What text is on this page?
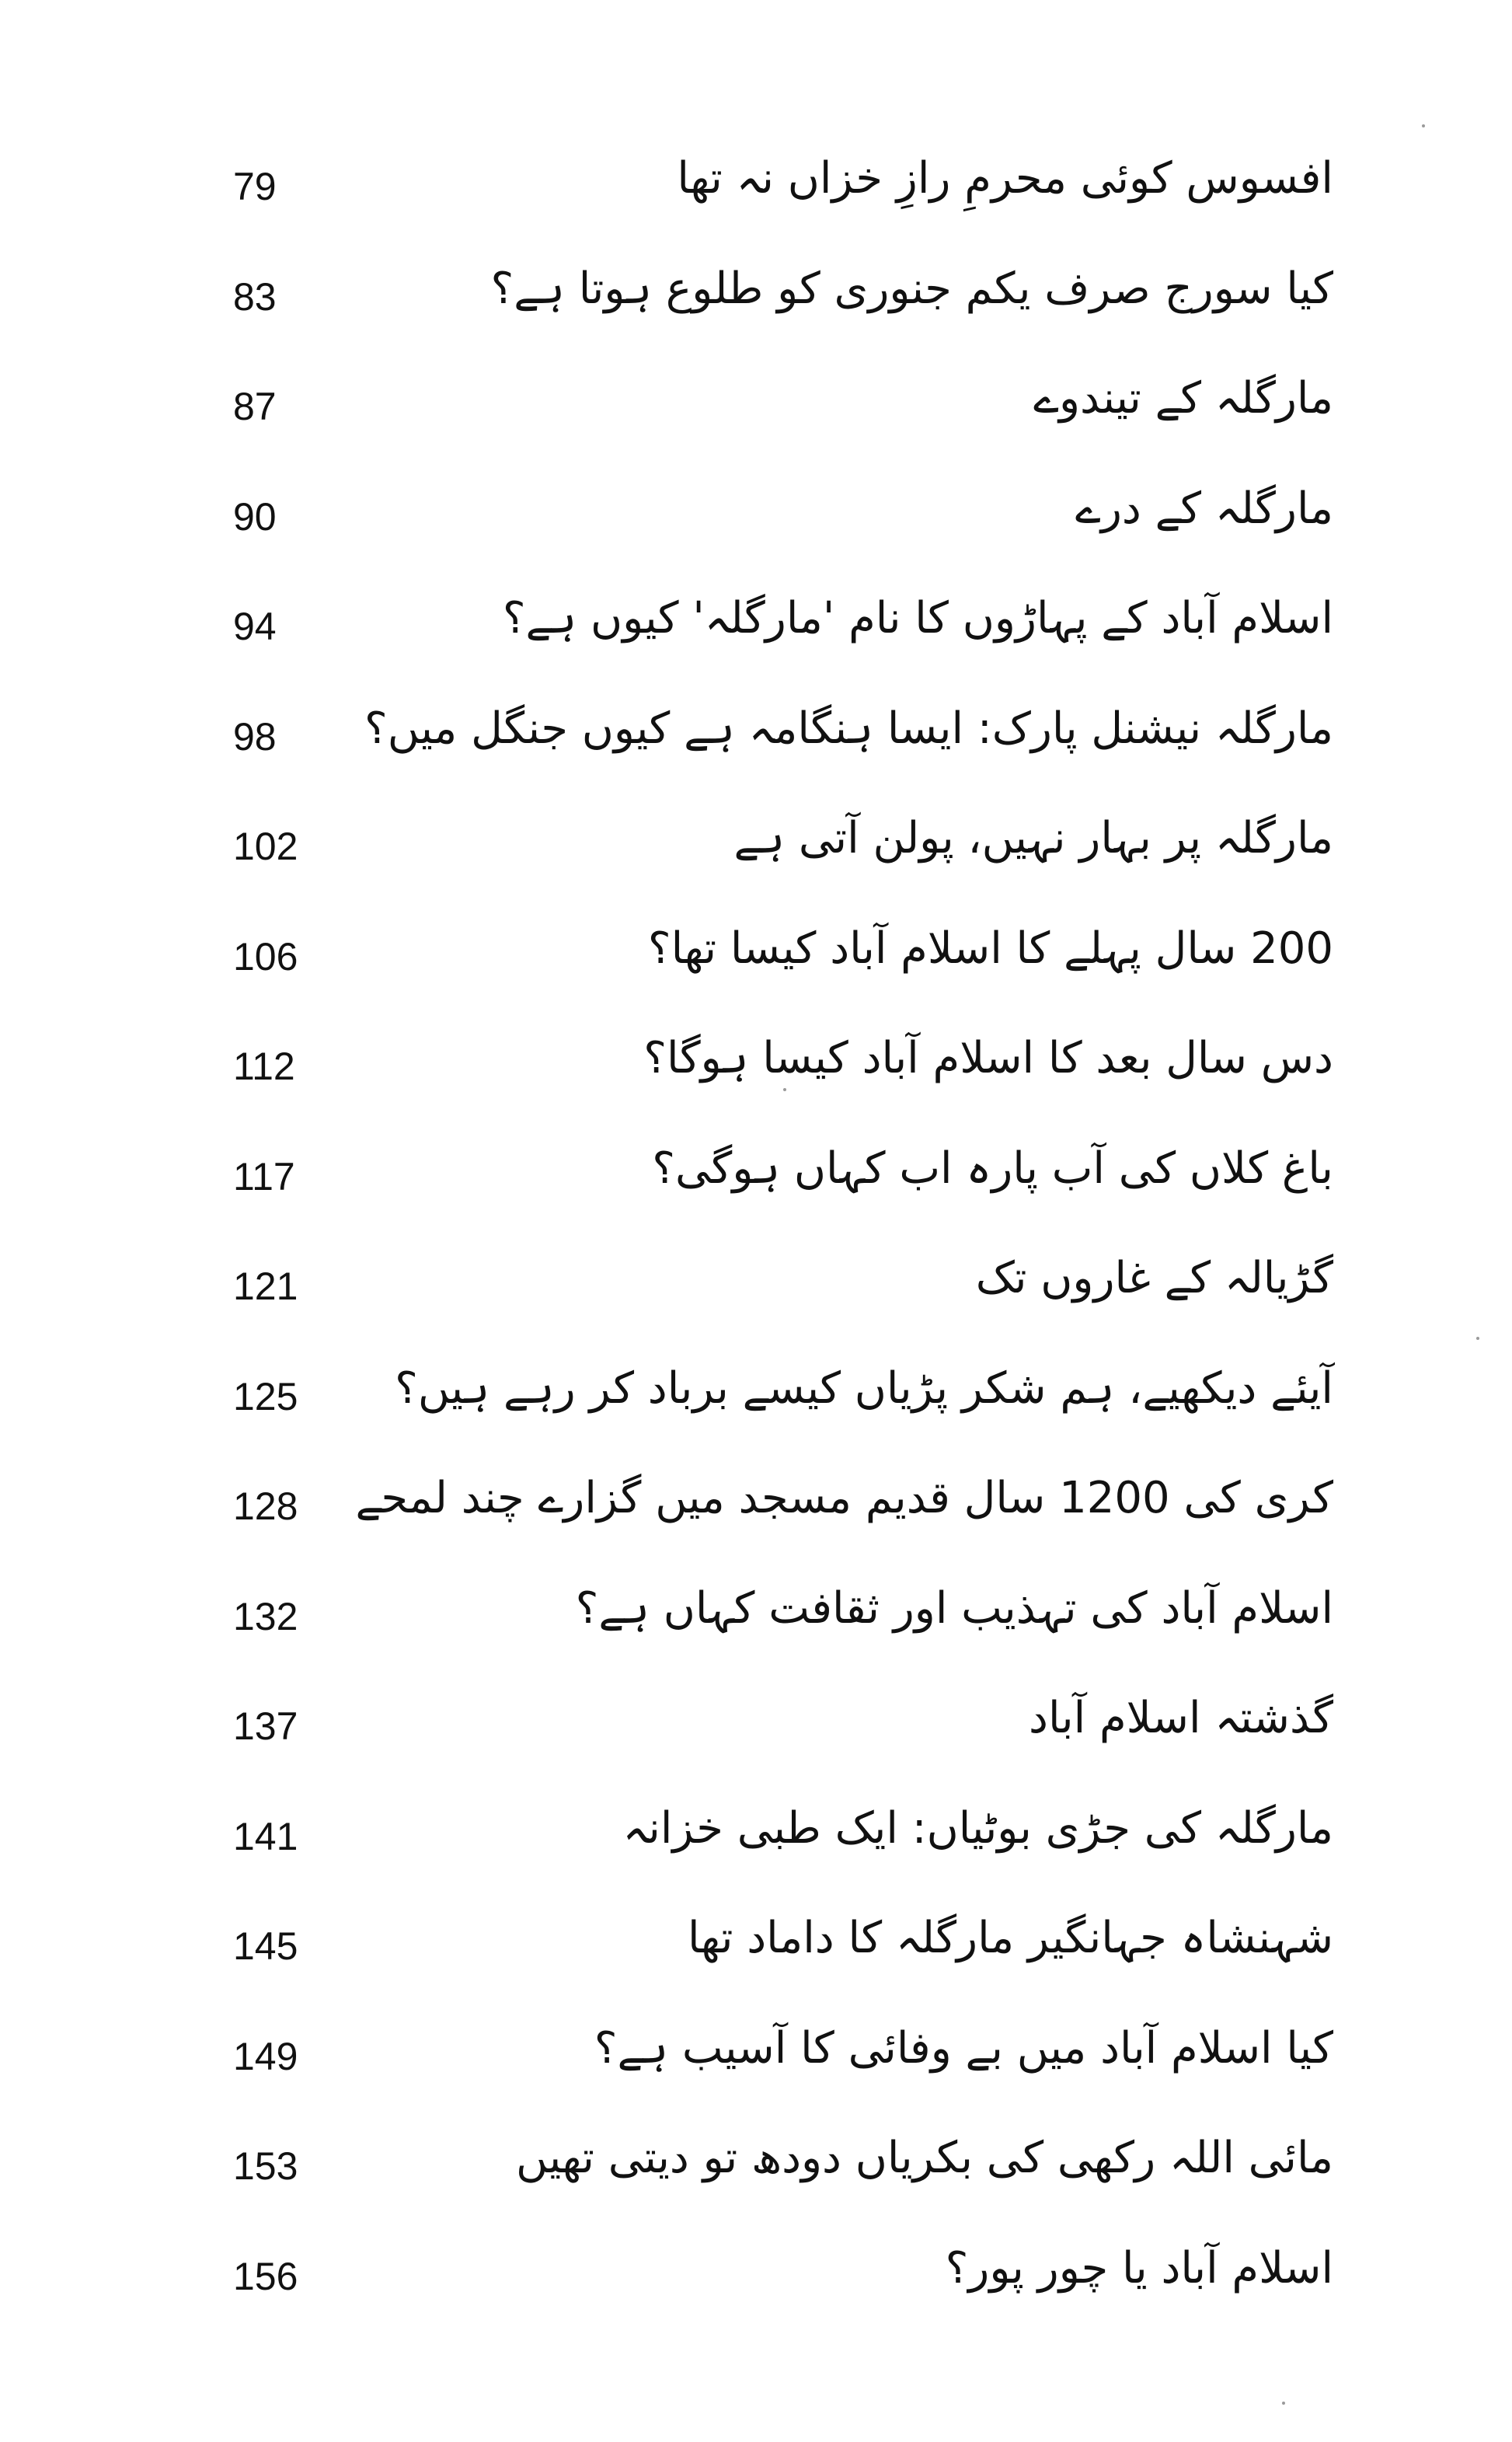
افسوس کوئی محرمِ رازِ خزاں نہ تھا
79
کیا سورج صرف یکم جنوری کو طلوع ہوتا ہے؟
83
مارگلہ کے تیندوے
87
مارگلہ کے درے
90
اسلام آباد کے پہاڑوں کا نام 'مارگلہ' کیوں ہے؟
94
مارگلہ نیشنل پارک: ایسا ہنگامہ ہے کیوں جنگل میں؟
98
مارگلہ پر بہار نہیں، پولن آتی ہے
102
200 سال پہلے کا اسلام آباد کیسا تھا؟
106
دس سال بعد کا اسلام آباد کیسا ہوگا؟
112
باغ کلاں کی آب پارہ اب کہاں ہوگی؟
117
گڑیالہ کے غاروں تک
121
آیئے دیکھیے، ہم شکر پڑیاں کیسے برباد کر رہے ہیں؟
125
کری کی 1200 سال قدیم مسجد میں گزارے چند لمحے
128
اسلام آباد کی تہذیب اور ثقافت کہاں ہے؟
132
گذشتہ اسلام آباد
137
مارگلہ کی جڑی بوٹیاں: ایک طبی خزانہ
141
شہنشاہ جہانگیر مارگلہ کا داماد تھا
145
کیا اسلام آباد میں بے وفائی کا آسیب ہے؟
149
مائی اللہ رکھی کی بکریاں دودھ تو دیتی تھیں
153
اسلام آباد یا چور پور؟
156
